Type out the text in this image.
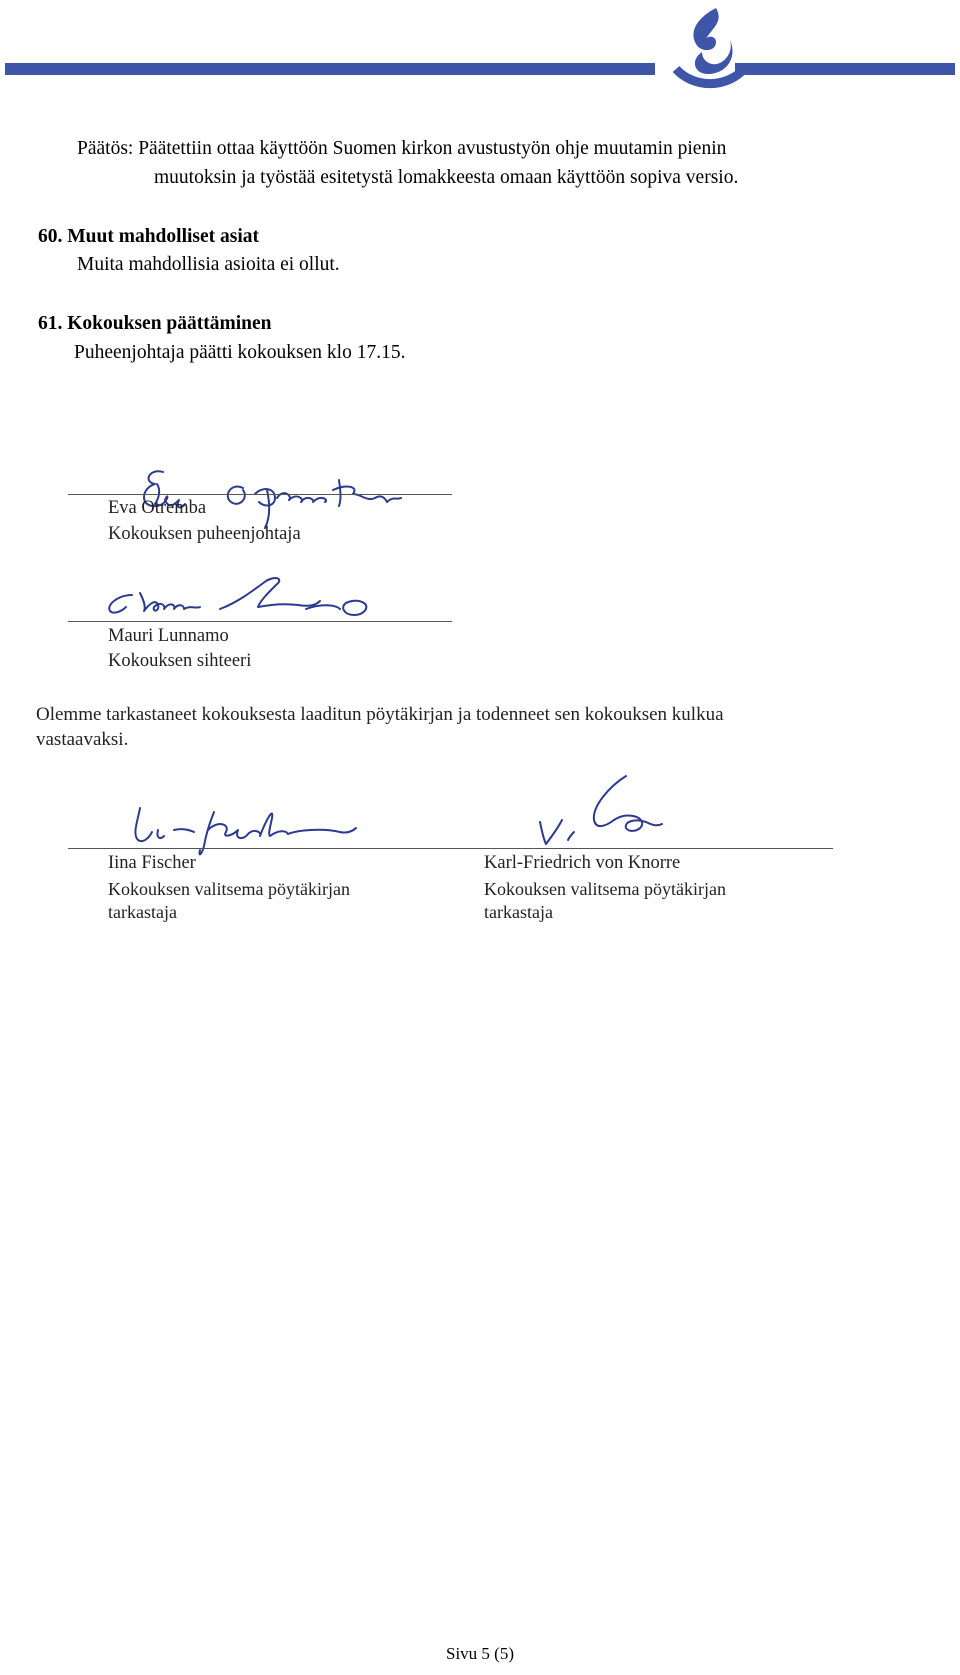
Päätös: Päätettiin ottaa käyttöön Suomen kirkon avustustyön ohje muutamin pienin
muutoksin ja työstää esitetystä lomakkeesta omaan käyttöön sopiva versio.
60. Muut mahdolliset asiat
Muita mahdollisia asioita ei ollut.
61. Kokouksen päättäminen
Puheenjohtaja päätti kokouksen klo 17.15.
Eva Otremba
Kokouksen puheenjohtaja
Mauri Lunnamo
Kokouksen sihteeri
Olemme tarkastaneet kokouksesta laaditun pöytäkirjan ja todenneet sen kokouksen kulkua
vastaavaksi.
Iina Fischer
Kokouksen valitsema pöytäkirjan
tarkastaja
Karl-Friedrich von Knorre
Kokouksen valitsema pöytäkirjan
tarkastaja
Sivu 5 (5)
